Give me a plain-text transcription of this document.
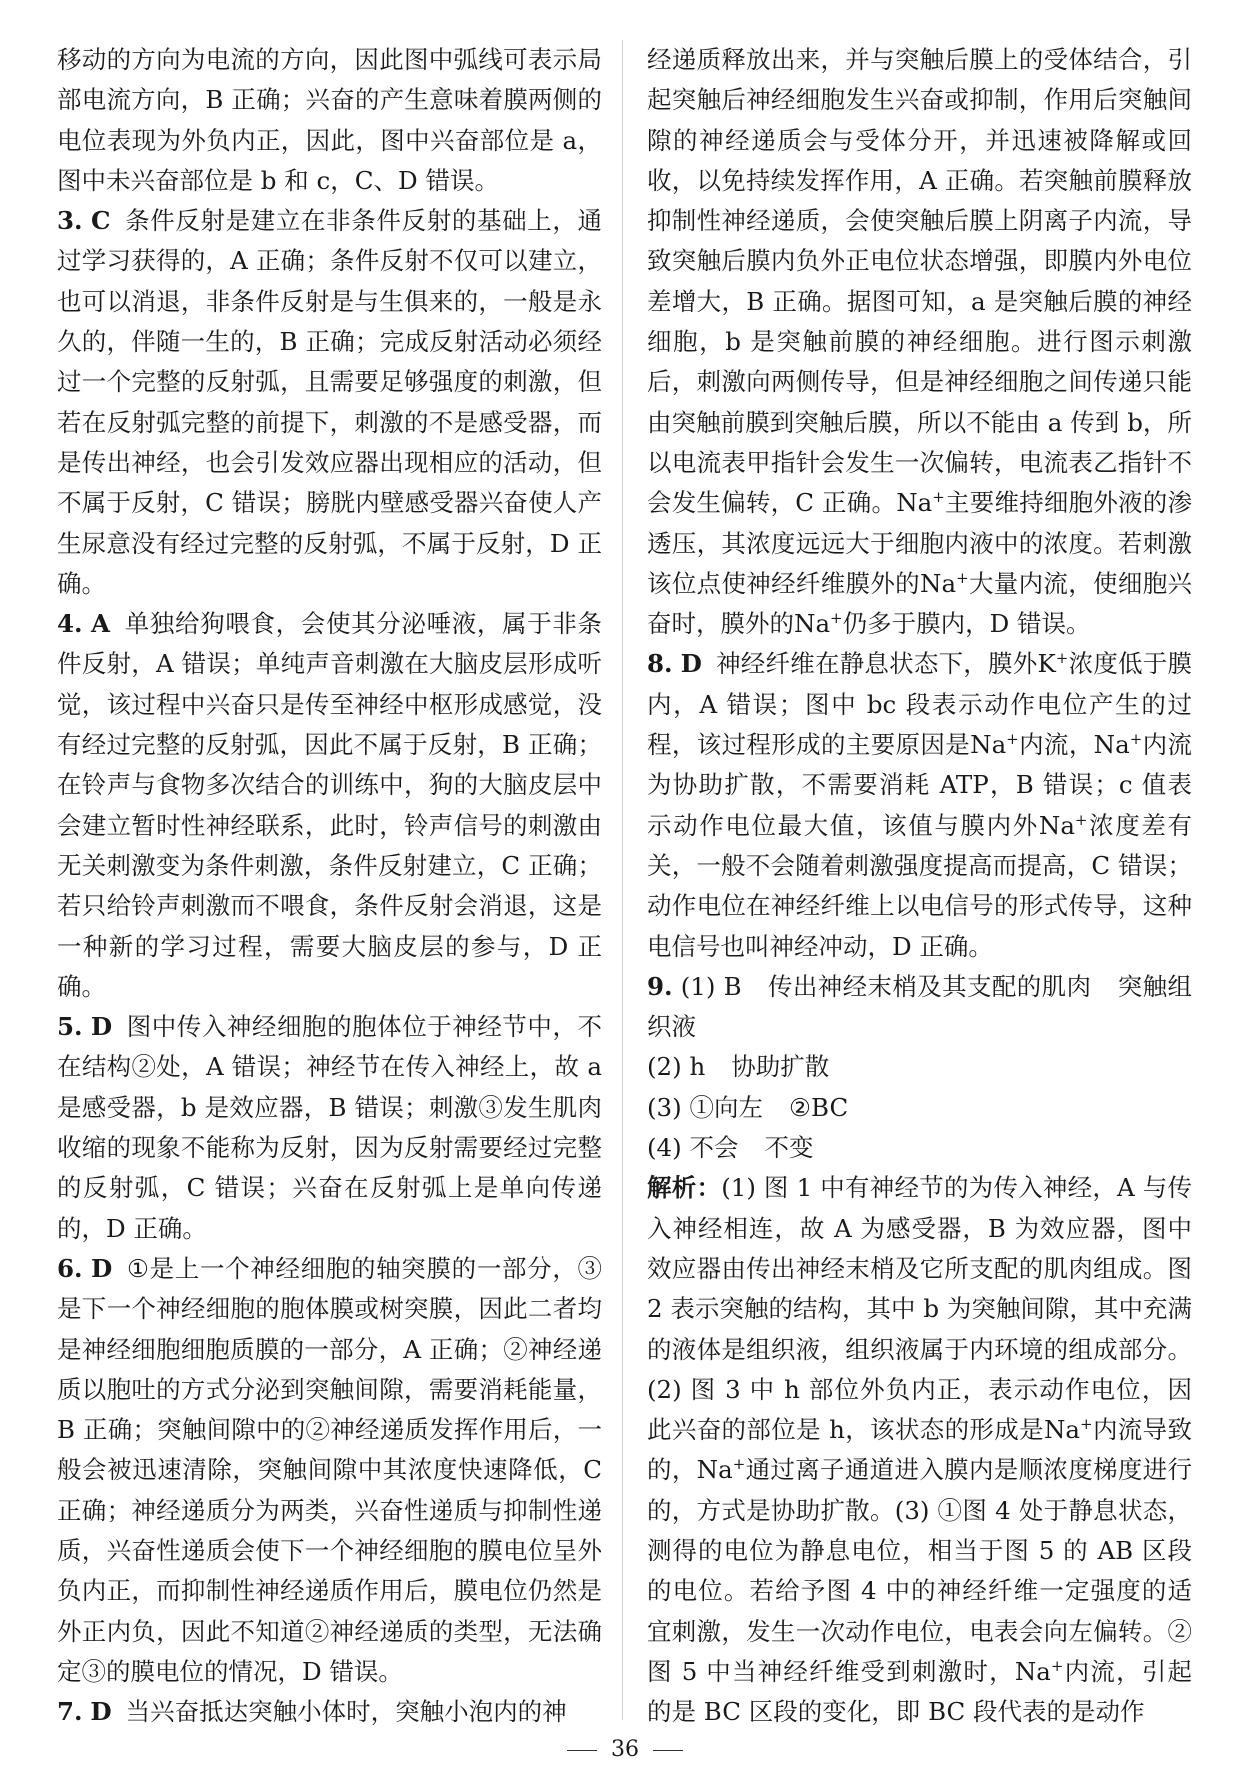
移动的方向为电流的方向，因此图中弧线可表示局部电流方向，B 正确；兴奋的产生意味着膜两侧的电位表现为外负内正，因此，图中兴奋部位是 a，图中未兴奋部位是 b 和 c，C、D 错误。

3. C 条件反射是建立在非条件反射的基础上，通过学习获得的，A 正确；条件反射不仅可以建立，也可以消退，非条件反射是与生俱来的，一般是永久的，伴随一生的，B 正确；完成反射活动必须经过一个完整的反射弧，且需要足够强度的刺激，但若在反射弧完整的前提下，刺激的不是感受器，而是传出神经，也会引发效应器出现相应的活动，但不属于反射，C 错误；膀胱内壁感受器兴奋使人产生尿意没有经过完整的反射弧，不属于反射，D 正确。

4. A 单独给狗喂食，会使其分泌唾液，属于非条件反射，A 错误；单纯声音刺激在大脑皮层形成听觉，该过程中兴奋只是传至神经中枢形成感觉，没有经过完整的反射弧，因此不属于反射，B 正确；在铃声与食物多次结合的训练中，狗的大脑皮层中会建立暂时性神经联系，此时，铃声信号的刺激由无关刺激变为条件刺激，条件反射建立，C 正确；若只给铃声刺激而不喂食，条件反射会消退，这是一种新的学习过程，需要大脑皮层的参与，D 正确。

5. D 图中传入神经细胞的胞体位于神经节中，不在结构②处，A 错误；神经节在传入神经上，故 a 是感受器，b 是效应器，B 错误；刺激③发生肌肉收缩的现象不能称为反射，因为反射需要经过完整的反射弧，C 错误；兴奋在反射弧上是单向传递的，D 正确。

6. D ①是上一个神经细胞的轴突膜的一部分，③是下一个神经细胞的胞体膜或树突膜，因此二者均是神经细胞细胞质膜的一部分，A 正确；②神经递质以胞吐的方式分泌到突触间隙，需要消耗能量，B 正确；突触间隙中的②神经递质发挥作用后，一般会被迅速清除，突触间隙中其浓度快速降低，C 正确；神经递质分为两类，兴奋性递质与抑制性递质，兴奋性递质会使下一个神经细胞的膜电位呈外负内正，而抑制性神经递质作用后，膜电位仍然是外正内负，因此不知道②神经递质的类型，无法确定③的膜电位的情况，D 错误。

7. D 当兴奋抵达突触小体时，突触小泡内的神

经递质释放出来，并与突触后膜上的受体结合，引起突触后神经细胞发生兴奋或抑制，作用后突触间隙的神经递质会与受体分开，并迅速被降解或回收，以免持续发挥作用，A 正确。若突触前膜释放抑制性神经递质，会使突触后膜上阴离子内流，导致突触后膜内负外正电位状态增强，即膜内外电位差增大，B 正确。据图可知，a 是突触后膜的神经细胞，b 是突触前膜的神经细胞。进行图示刺激后，刺激向两侧传导，但是神经细胞之间传递只能由突触前膜到突触后膜，所以不能由 a 传到 b，所以电流表甲指针会发生一次偏转，电流表乙指针不会发生偏转，C 正确。Na+主要维持细胞外液的渗透压，其浓度远远大于细胞内液中的浓度。若刺激该位点使神经纤维膜外的Na+大量内流，使细胞兴奋时，膜外的Na+仍多于膜内，D 错误。

8. D 神经纤维在静息状态下，膜外K+浓度低于膜内，A 错误；图中 bc 段表示动作电位产生的过程，该过程形成的主要原因是Na+内流，Na+内流为协助扩散，不需要消耗 ATP，B 错误；c 值表示动作电位最大值，该值与膜内外Na+浓度差有关，一般不会随着刺激强度提高而提高，C 错误；动作电位在神经纤维上以电信号的形式传导，这种电信号也叫神经冲动，D 正确。

9. (1) B 传出神经末梢及其支配的肌肉 突触组织液

(2) h 协助扩散

(3) ①向左 ②BC

(4) 不会 不变

解析：(1) 图 1 中有神经节的为传入神经，A 与传入神经相连，故 A 为感受器，B 为效应器，图中效应器由传出神经末梢及它所支配的肌肉组成。图 2 表示突触的结构，其中 b 为突触间隙，其中充满的液体是组织液，组织液属于内环境的组成部分。(2) 图 3 中 h 部位外负内正，表示动作电位，因此兴奋的部位是 h，该状态的形成是Na+内流导致的，Na+通过离子通道进入膜内是顺浓度梯度进行的，方式是协助扩散。(3) ①图 4 处于静息状态，测得的电位为静息电位，相当于图 5 的 AB 区段的电位。若给予图 4 中的神经纤维一定强度的适宜刺激，发生一次动作电位，电表会向左偏转。②图 5 中当神经纤维受到刺激时，Na+内流，引起的是 BC 区段的变化，即 BC 段代表的是动作

36
